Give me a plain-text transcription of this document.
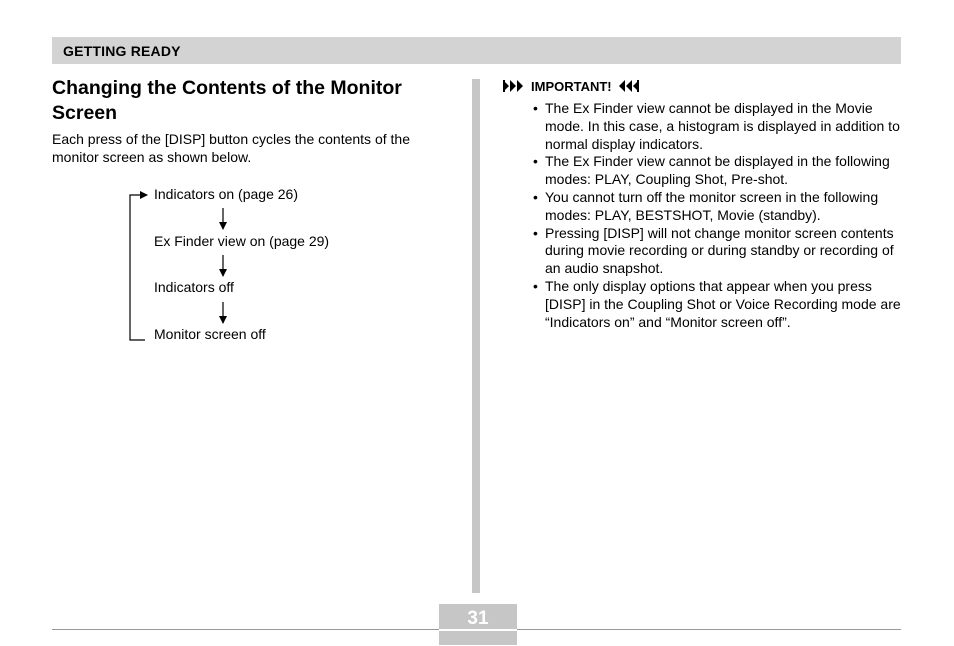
GETTING READY
Changing the Contents of the Monitor Screen

Each press of the [DISP] button cycles the contents of the monitor screen as shown below.

Indicators on (page 26)
Ex Finder view on (page 29)
Indicators off
Monitor screen off
IMPORTANT!
• The Ex Finder view cannot be displayed in the Movie mode. In this case, a histogram is displayed in addition to normal display indicators.
• The Ex Finder view cannot be displayed in the following modes: PLAY, Coupling Shot, Pre-shot.
• You cannot turn off the monitor screen in the following modes: PLAY, BESTSHOT, Movie (standby).
• Pressing [DISP] will not change monitor screen contents during movie recording or during standby or recording of an audio snapshot.
• The only display options that appear when you press [DISP] in the Coupling Shot or Voice Recording mode are “Indicators on” and “Monitor screen off”.
31
